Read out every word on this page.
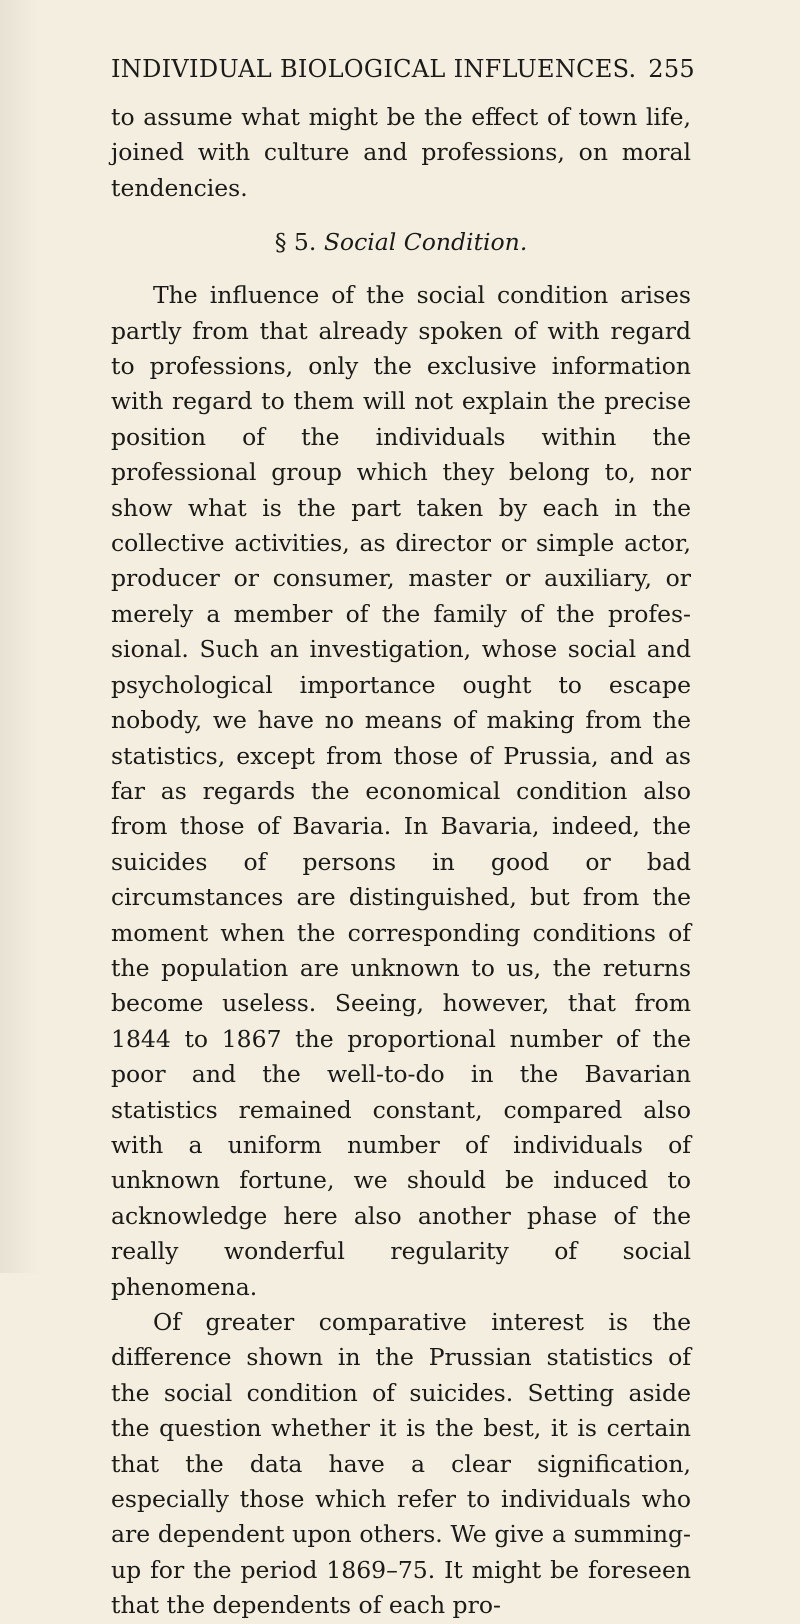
INDIVIDUAL BIOLOGICAL INFLUENCES. 255

to assume what might be the effect of town life, joined with culture and professions, on moral tendencies.

§ 5. Social Condition.

The influence of the social condition arises partly from that already spoken of with regard to professions, only the exclusive information with regard to them will not explain the precise position of the individuals within the professional group which they belong to, nor show what is the part taken by each in the collective activities, as director or simple actor, producer or consumer, master or auxiliary, or merely a member of the family of the professional. Such an investigation, whose social and psychological importance ought to escape nobody, we have no means of making from the statistics, except from those of Prussia, and as far as regards the economical condition also from those of Bavaria. In Bavaria, indeed, the suicides of persons in good or bad circumstances are distinguished, but from the moment when the corresponding conditions of the population are unknown to us, the returns become useless. Seeing, however, that from 1844 to 1867 the proportional number of the poor and the well-to-do in the Bavarian statistics remained constant, compared also with a uniform number of individuals of unknown fortune, we should be induced to acknowledge here also another phase of the really wonderful regularity of social phenomena.

Of greater comparative interest is the difference shown in the Prussian statistics of the social condition of suicides. Setting aside the question whether it is the best, it is certain that the data have a clear signification, especially those which refer to individuals who are dependent upon others. We give a summing-up for the period 1869–75. It might be foreseen that the dependents of each pro-
